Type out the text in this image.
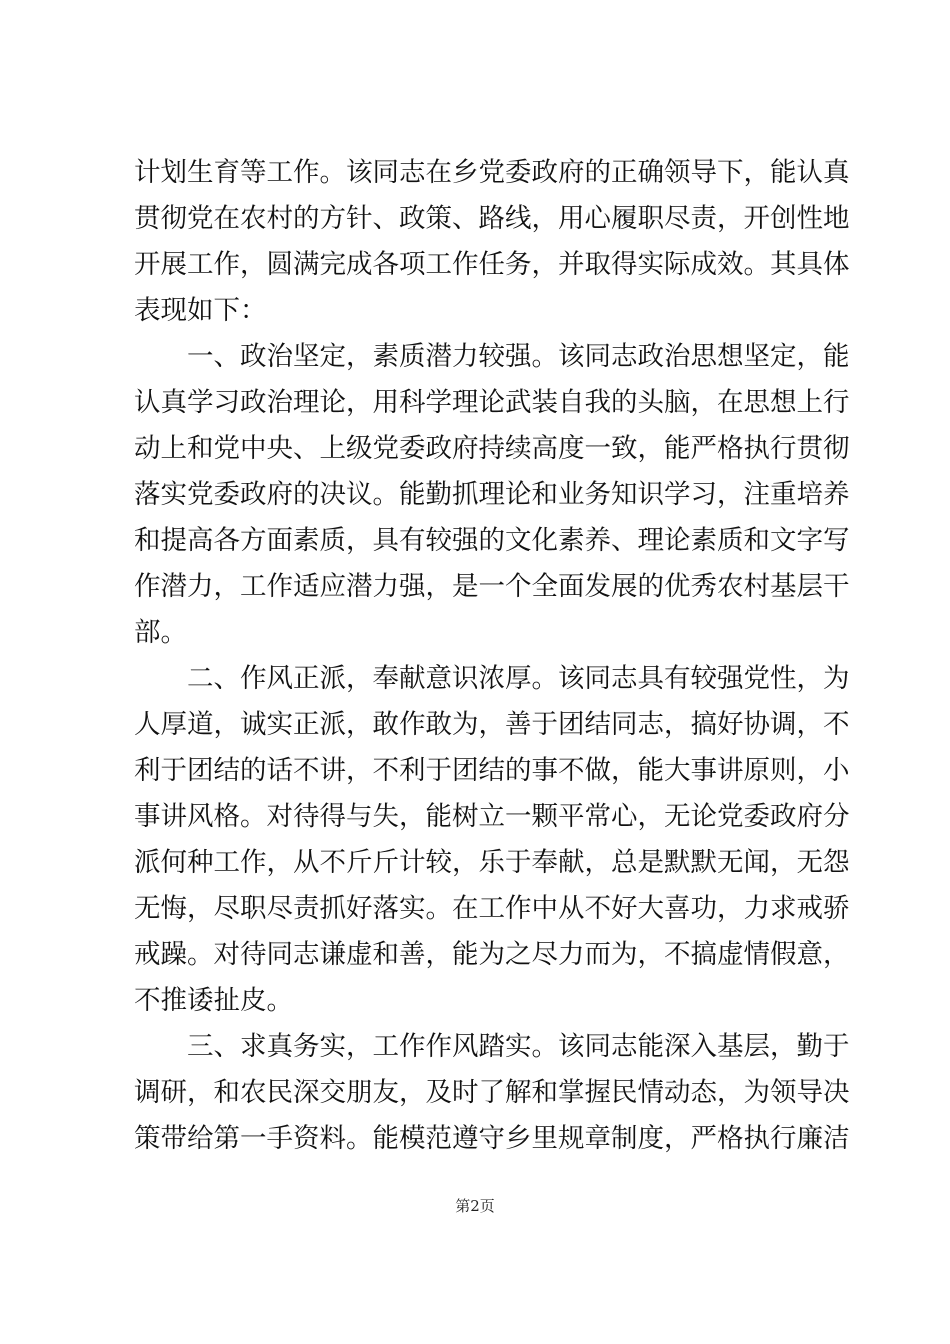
计划生育等工作。该同志在乡党委政府的正确领导下，能认真
贯彻党在农村的方针、政策、路线，用心履职尽责，开创性地
开展工作，圆满完成各项工作任务，并取得实际成效。其具体
表现如下：
一、政治坚定，素质潜力较强。该同志政治思想坚定，能
认真学习政治理论，用科学理论武装自我的头脑，在思想上行
动上和党中央、上级党委政府持续高度一致，能严格执行贯彻
落实党委政府的决议。能勤抓理论和业务知识学习，注重培养
和提高各方面素质，具有较强的文化素养、理论素质和文字写
作潜力，工作适应潜力强，是一个全面发展的优秀农村基层干
部。
二、作风正派，奉献意识浓厚。该同志具有较强党性，为
人厚道，诚实正派，敢作敢为，善于团结同志，搞好协调，不
利于团结的话不讲，不利于团结的事不做，能大事讲原则，小
事讲风格。对待得与失，能树立一颗平常心，无论党委政府分
派何种工作，从不斤斤计较，乐于奉献，总是默默无闻，无怨
无悔，尽职尽责抓好落实。在工作中从不好大喜功，力求戒骄
戒躁。对待同志谦虚和善，能为之尽力而为，不搞虚情假意，
不推诿扯皮。
三、求真务实，工作作风踏实。该同志能深入基层，勤于
调研，和农民深交朋友，及时了解和掌握民情动态，为领导决
策带给第一手资料。能模范遵守乡里规章制度，严格执行廉洁
第2页
